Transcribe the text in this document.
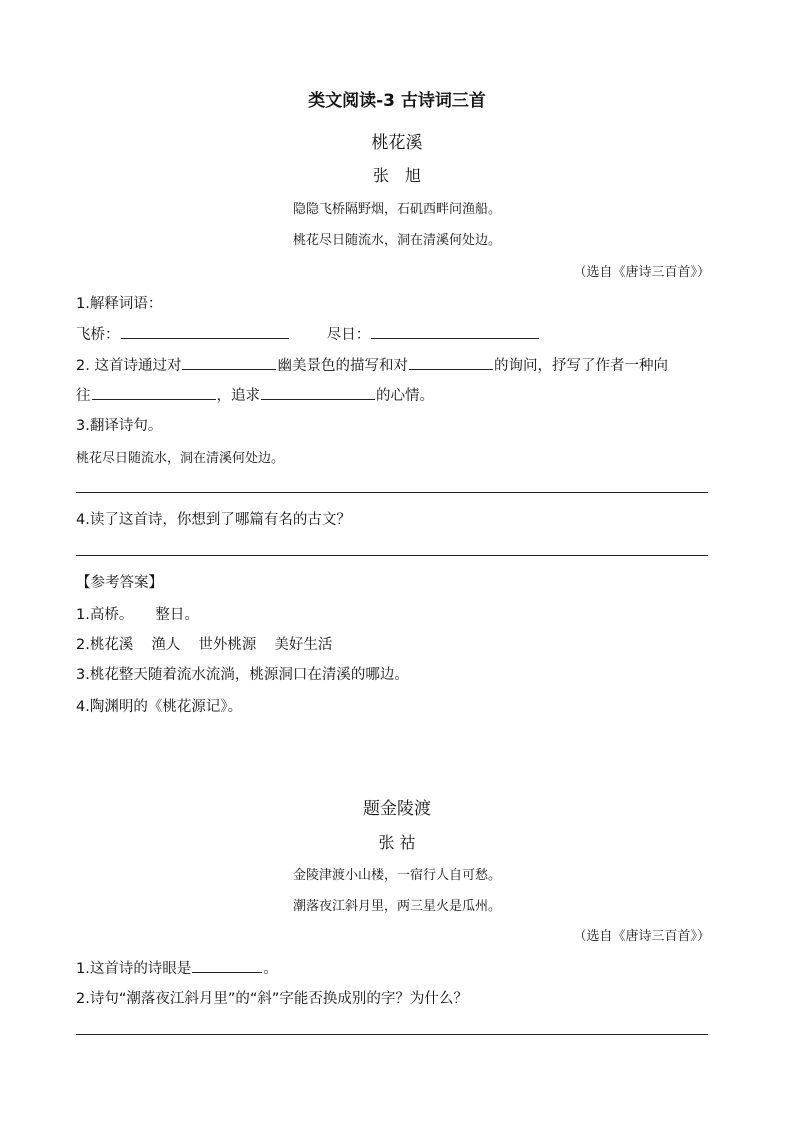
类文阅读-3 古诗词三首
桃花溪
张　旭
隐隐飞桥隔野烟，石矶西畔问渔船。
桃花尽日随流水，洞在清溪何处边。
（选自《唐诗三百首》）
1.解释词语：
飞桥：	尽日：
2. 这首诗通过对	幽美景色的描写和对	的询问，抒写了作者一种向
往	，追求	的心情。
3.翻译诗句。
桃花尽日随流水，洞在清溪何处边。
4.读了这首诗，你想到了哪篇有名的古文？
【参考答案】
1.高桥。 整日。
2.桃花溪 渔人 世外桃源 美好生活
3.桃花整天随着流水流淌，桃源洞口在清溪的哪边。
4.陶渊明的《桃花源记》。
题金陵渡
张 祜
金陵津渡小山楼，一宿行人自可愁。
潮落夜江斜月里，两三星火是瓜州。
（选自《唐诗三百首》）
1.这首诗的诗眼是	。
2.诗句“潮落夜江斜月里”的“斜”字能否换成别的字？为什么？
